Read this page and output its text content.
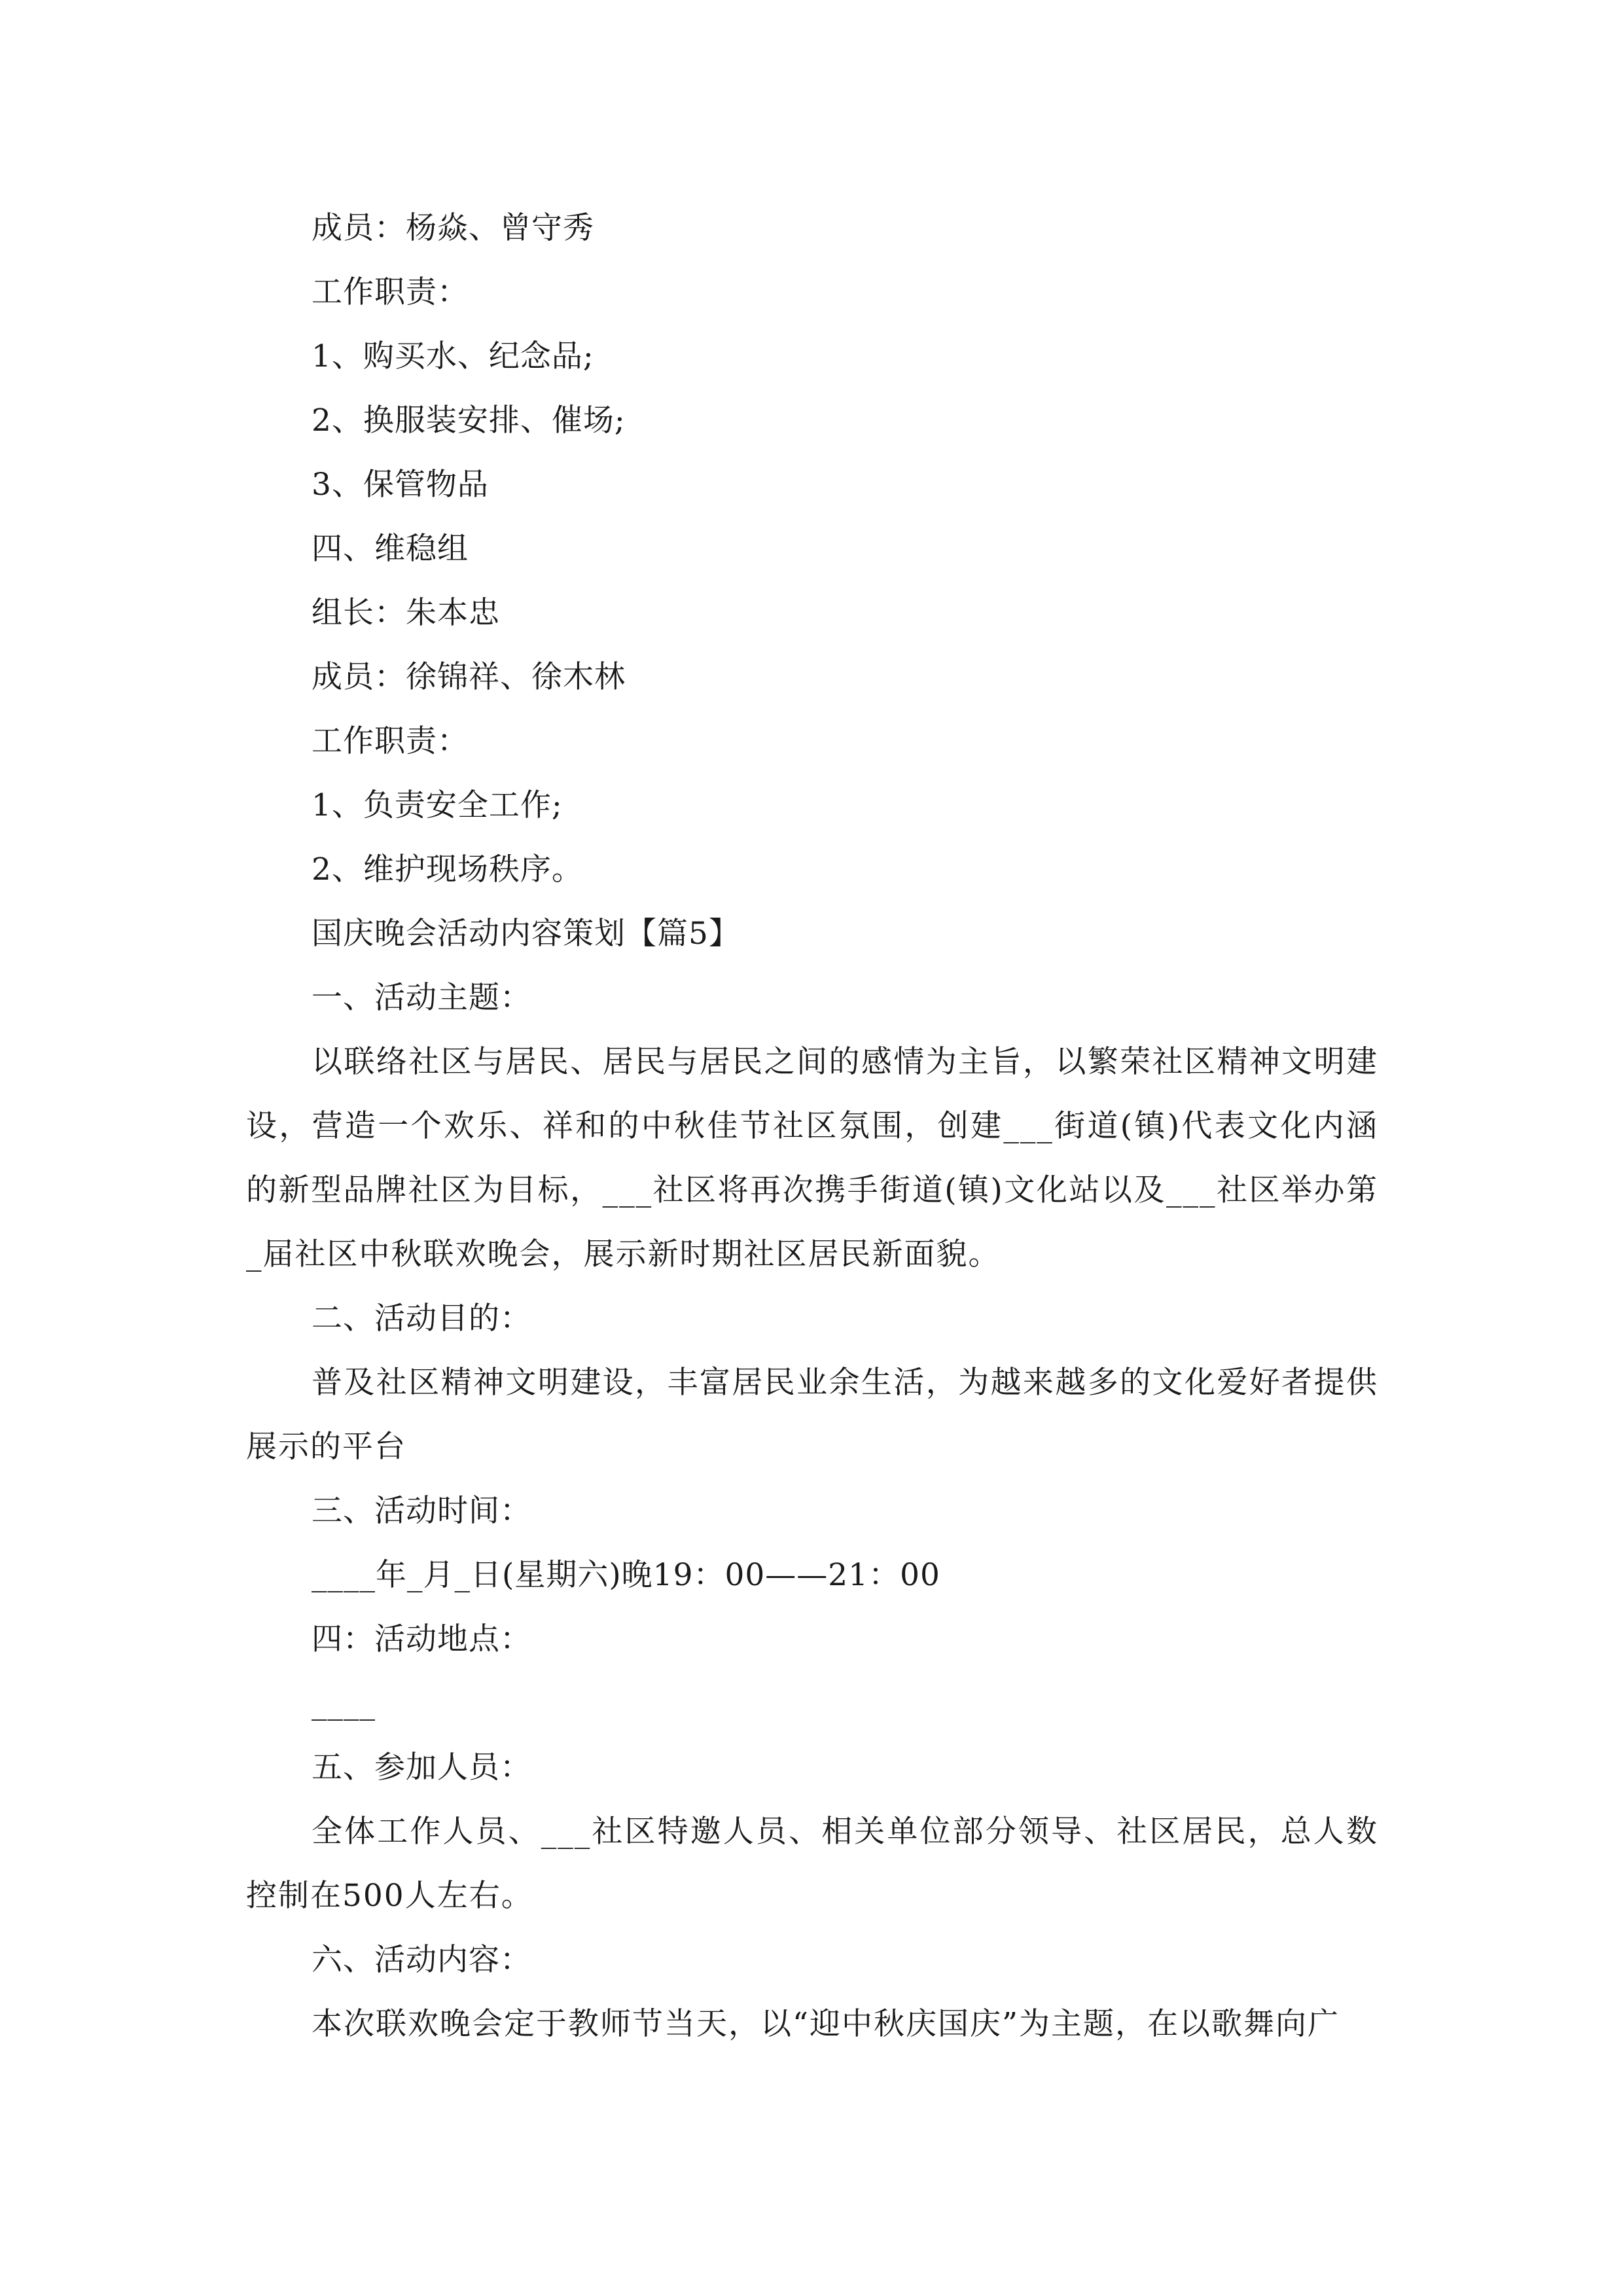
成员：杨焱、曾守秀
工作职责：
1、购买水、纪念品;
2、换服装安排、催场;
3、保管物品
四、维稳组
组长：朱本忠
成员：徐锦祥、徐木林
工作职责：
1、负责安全工作;
2、维护现场秩序。
国庆晚会活动内容策划【篇5】
一、活动主题：

以联络社区与居民、居民与居民之间的感情为主旨，以繁荣社区精神文明建设，营造一个欢乐、祥和的中秋佳节社区氛围，创建___街道(镇)代表文化内涵的新型品牌社区为目标，___社区将再次携手街道(镇)文化站以及___社区举办第_届社区中秋联欢晚会，展示新时期社区居民新面貌。

二、活动目的：

普及社区精神文明建设，丰富居民业余生活，为越来越多的文化爱好者提供展示的平台

三、活动时间：
____年_月_日(星期六)晚19：00——21：00
四：活动地点：
____
五、参加人员：

全体工作人员、___社区特邀人员、相关单位部分领导、社区居民，总人数控制在500人左右。

六、活动内容：

本次联欢晚会定于教师节当天，以“迎中秋庆国庆”为主题，在以歌舞向广
